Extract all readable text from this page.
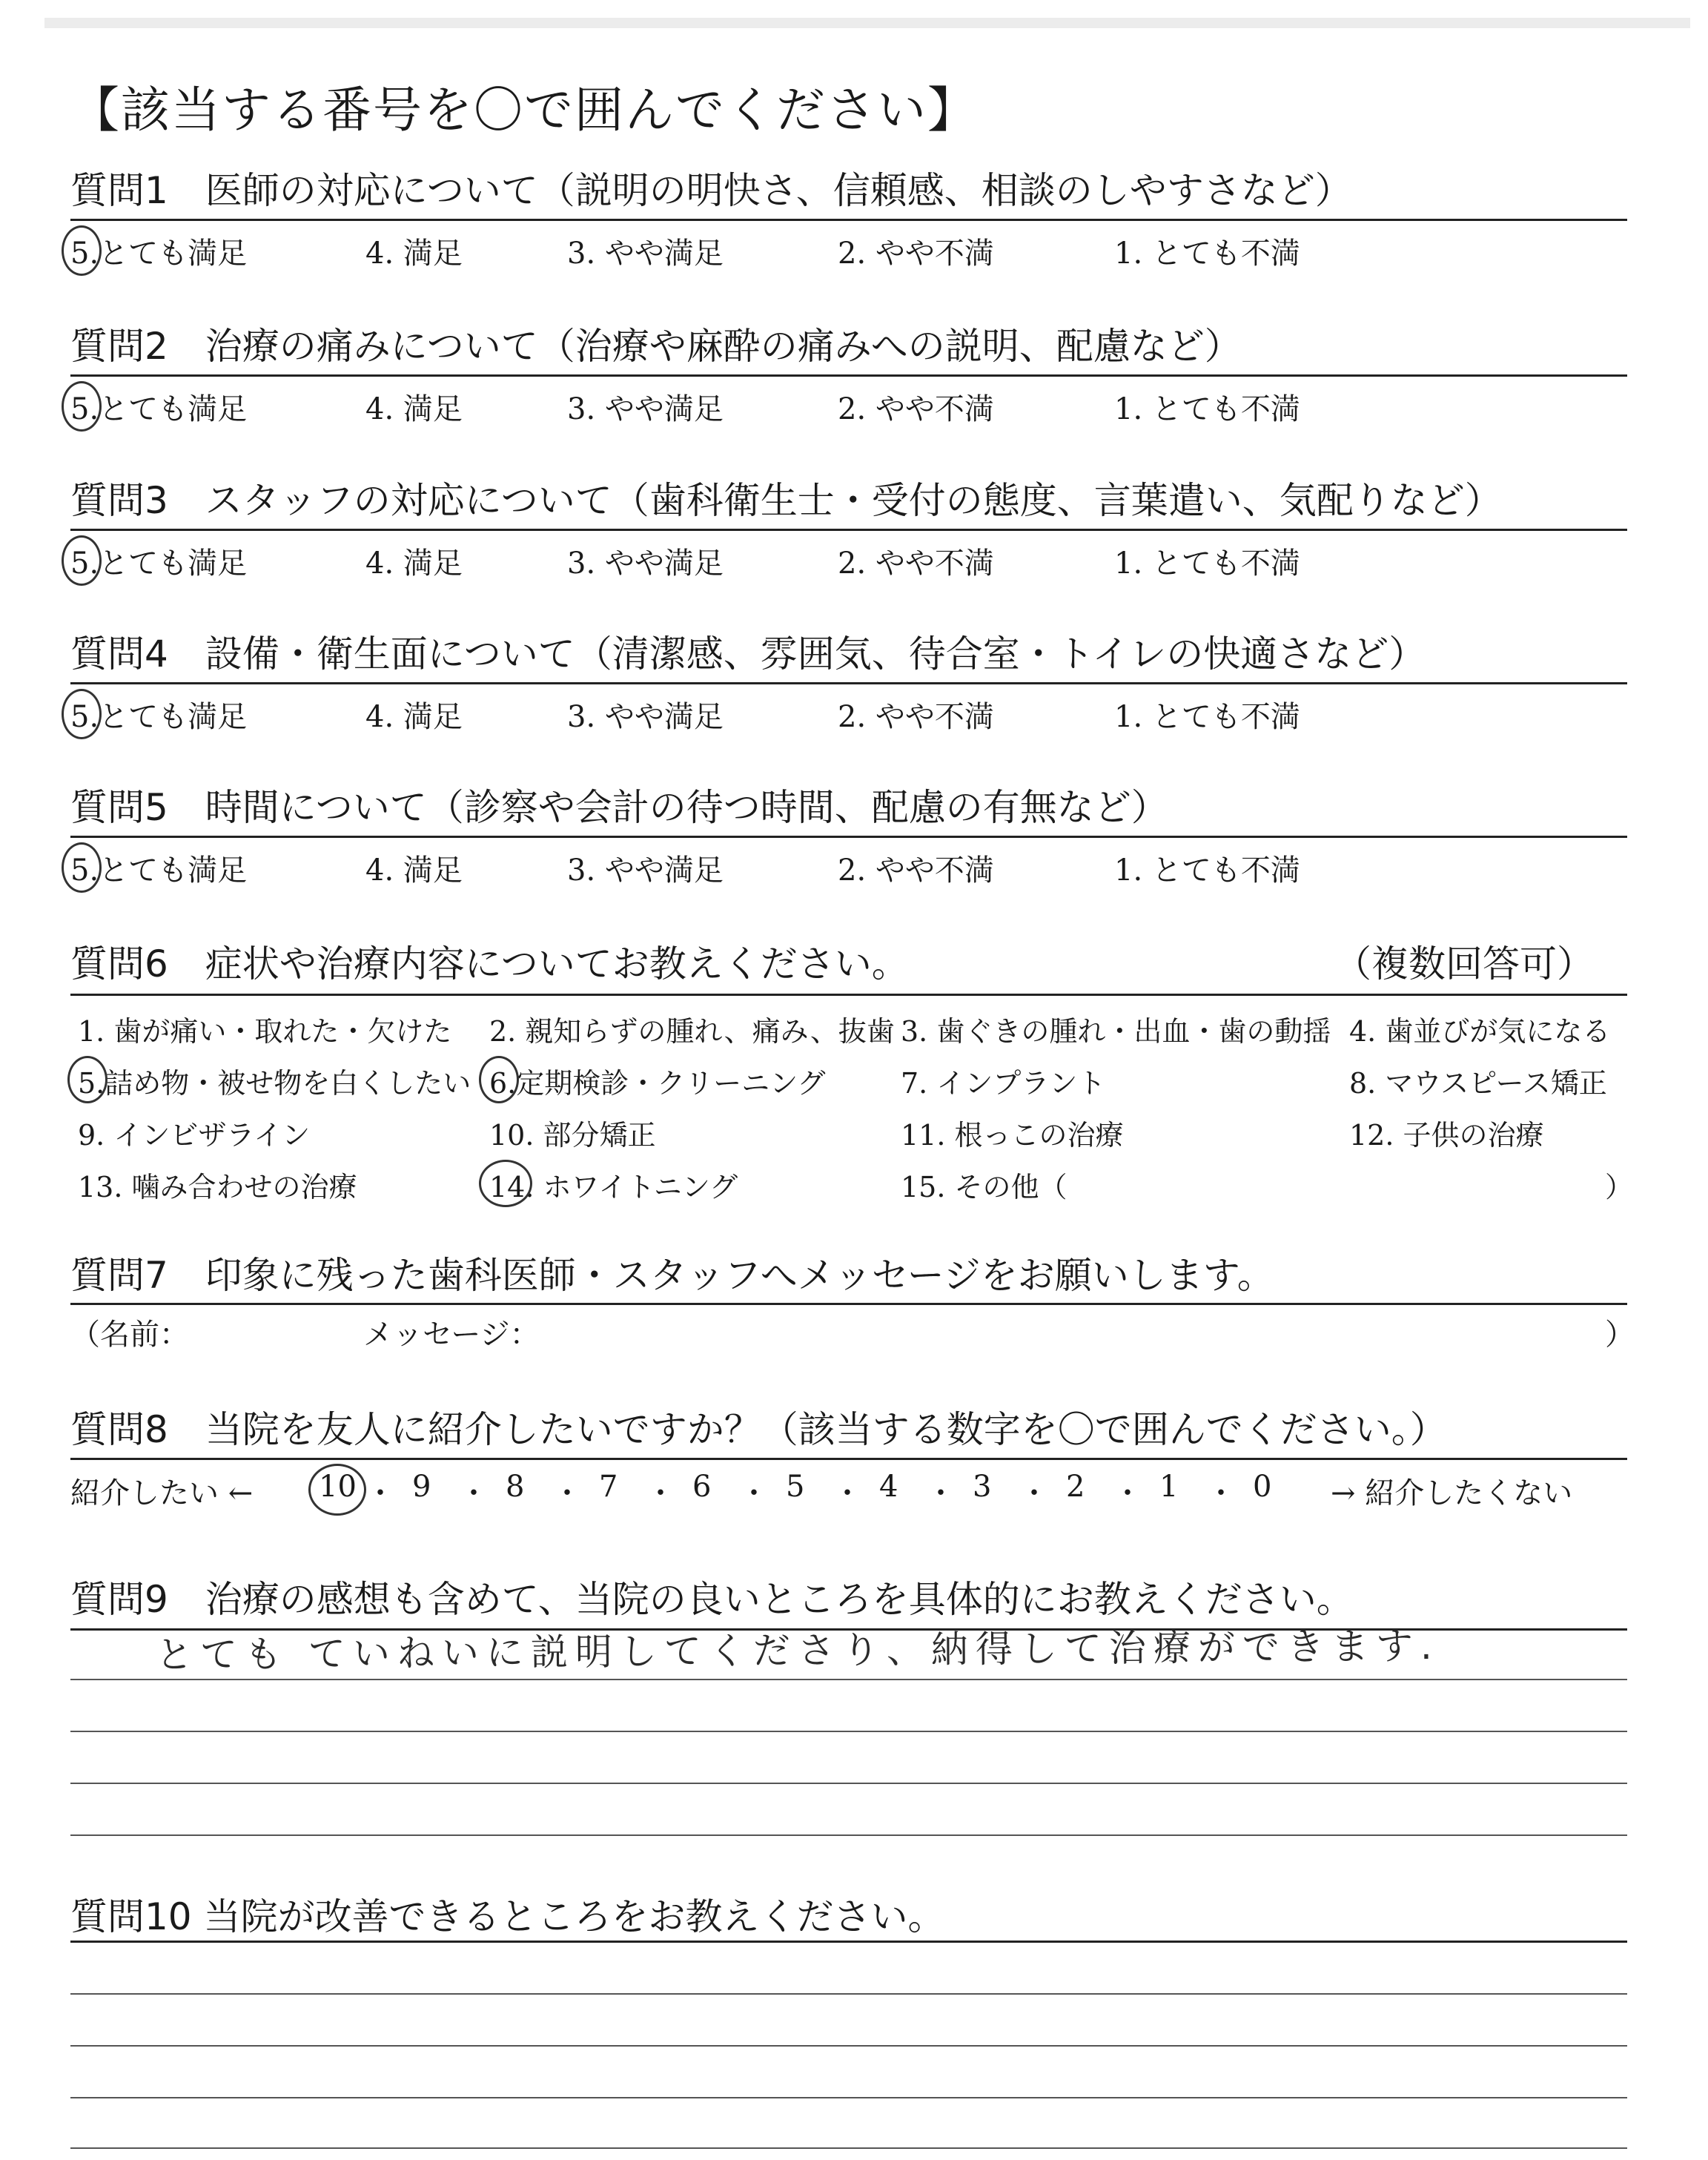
【該当する番号を〇で囲んでください】
質問1　医師の対応について（説明の明快さ、信頼感、相談のしやすさなど）
5.とても満足	4. 満足	3. やや満足	2. やや不満	1. とても不満
質問2　治療の痛みについて（治療や麻酔の痛みへの説明、配慮など）
5.とても満足	4. 満足	3. やや満足	2. やや不満	1. とても不満
質問3　スタッフの対応について（歯科衛生士・受付の態度、言葉遣い、気配りなど）
5.とても満足	4. 満足	3. やや満足	2. やや不満	1. とても不満
質問4　設備・衛生面について（清潔感、雰囲気、待合室・トイレの快適さなど）
5.とても満足	4. 満足	3. やや満足	2. やや不満	1. とても不満
質問5　時間について（診察や会計の待つ時間、配慮の有無など）
5.とても満足	4. 満足	3. やや満足	2. やや不満	1. とても不満
質問6　症状や治療内容についてお教えください。	（複数回答可）
1. 歯が痛い・取れた・欠けた 2. 親知らずの腫れ、痛み、抜歯 3. 歯ぐきの腫れ・出血・歯の動揺 4. 歯並びが気になる
5.詰め物・被せ物を白くしたい 6.定期検診・クリーニング	7. インプラント	8. マウスピース矯正
9. インビザライン	10. 部分矯正	11. 根っこの治療	12. 子供の治療
13. 噛み合わせの治療	14. ホワイトニング	15. その他（	）
質問7　印象に残った歯科医師・スタッフへメッセージをお願いします。
（名前：	メッセージ：	）
質問8　当院を友人に紹介したいですか？（該当する数字を〇で囲んでください。）
紹介したい ←	→ 紹介したくない
10 ・ 9 ・ 8 ・ 7 ・ 6 ・ 5 ・ 4 ・ 3 ・ 2 ・ 1 ・ 0
質問9　治療の感想も含めて、当院の良いところを具体的にお教えください。
とても ていねいに説明してくださり、納得して治療ができます.
質問10 当院が改善できるところをお教えください。
